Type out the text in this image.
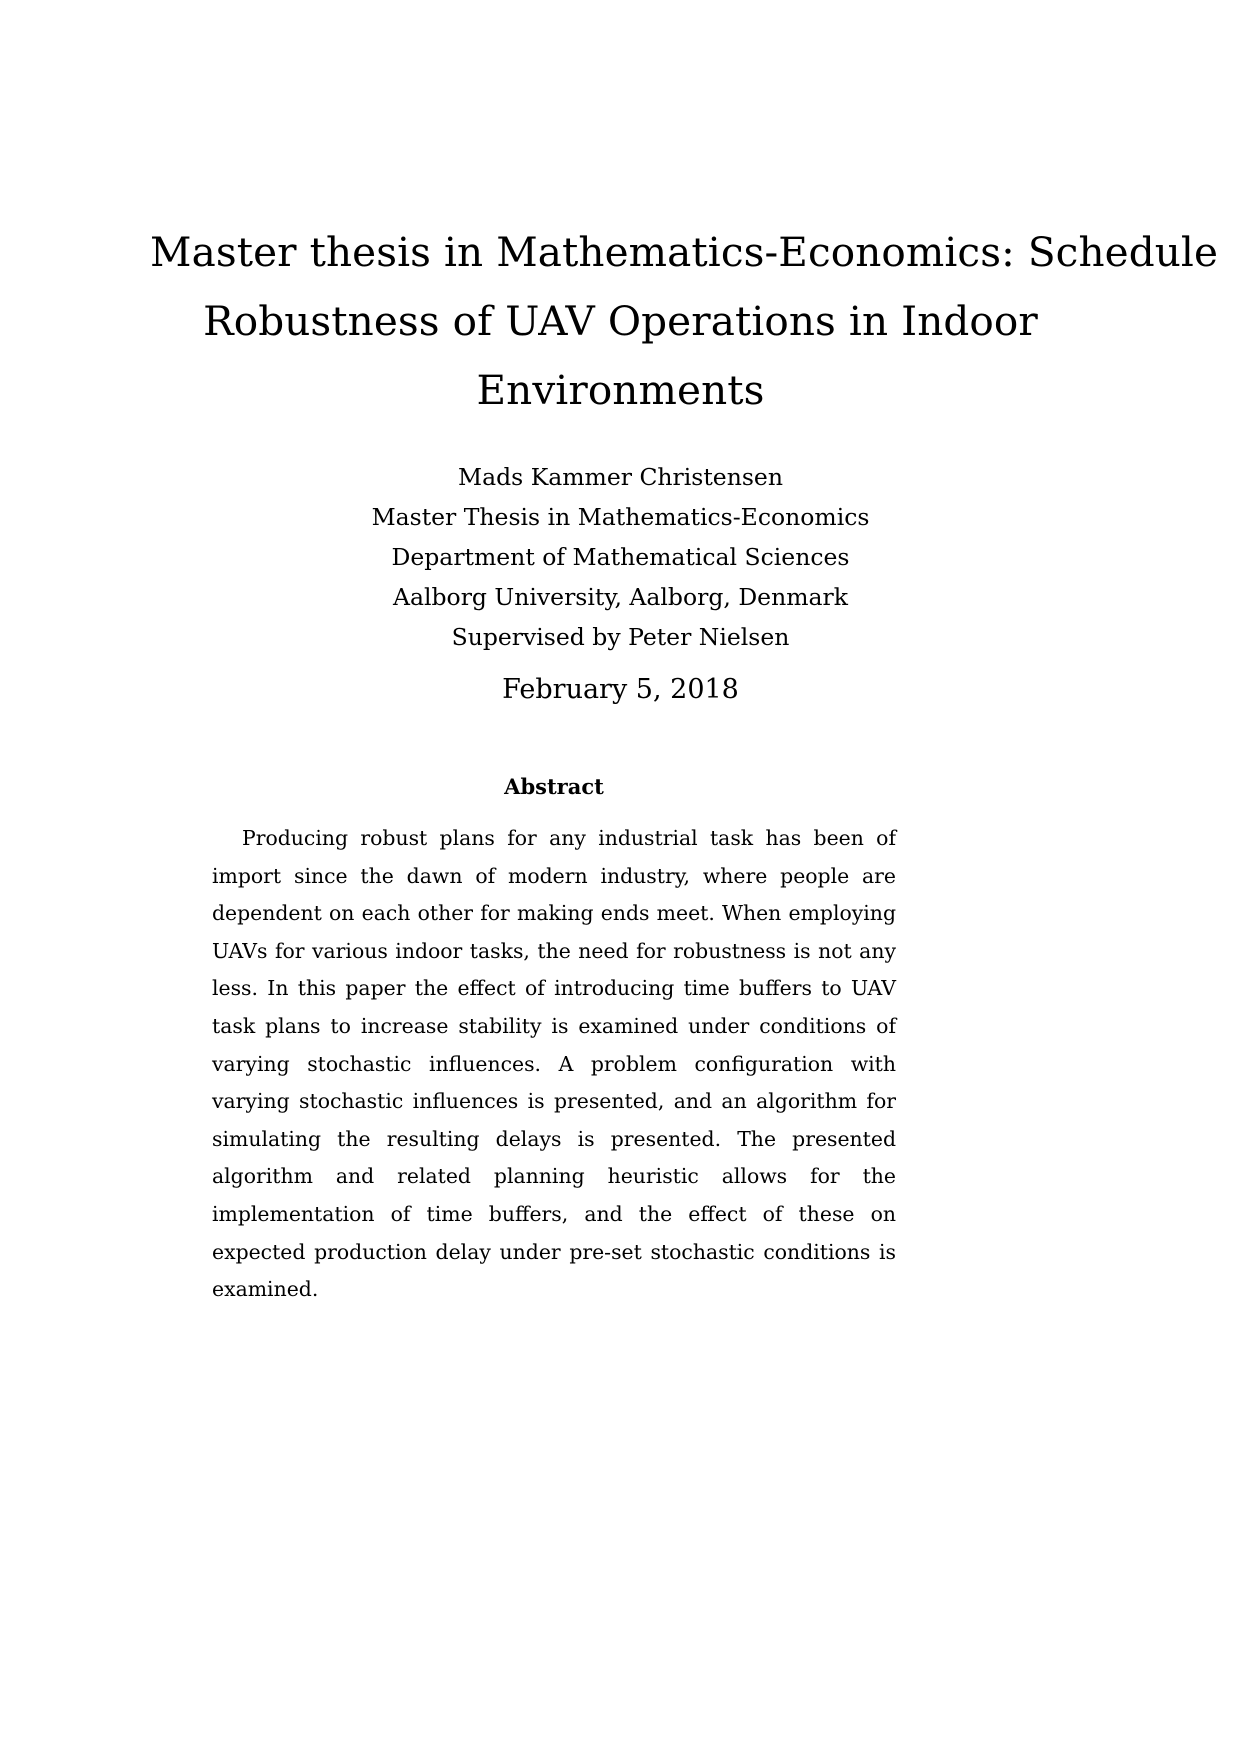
Master thesis in Mathematics-Economics: Schedule
Robustness of UAV Operations in Indoor
Environments
Mads Kammer Christensen
Master Thesis in Mathematics-Economics
Department of Mathematical Sciences
Aalborg University, Aalborg, Denmark
Supervised by Peter Nielsen
February 5, 2018
Abstract
Producing robust plans for any industrial task has been of import since the dawn of modern industry, where people are dependent on each other for making ends meet. When employing UAVs for various indoor tasks, the need for robustness is not any less. In this paper the effect of introducing time buffers to UAV task plans to increase stability is examined under conditions of varying stochastic influences. A problem configuration with varying stochastic influences is presented, and an algorithm for simulating the resulting delays is presented. The presented algorithm and related planning heuristic allows for the implementation of time buffers, and the effect of these on expected production delay under pre-set stochastic conditions is examined.
